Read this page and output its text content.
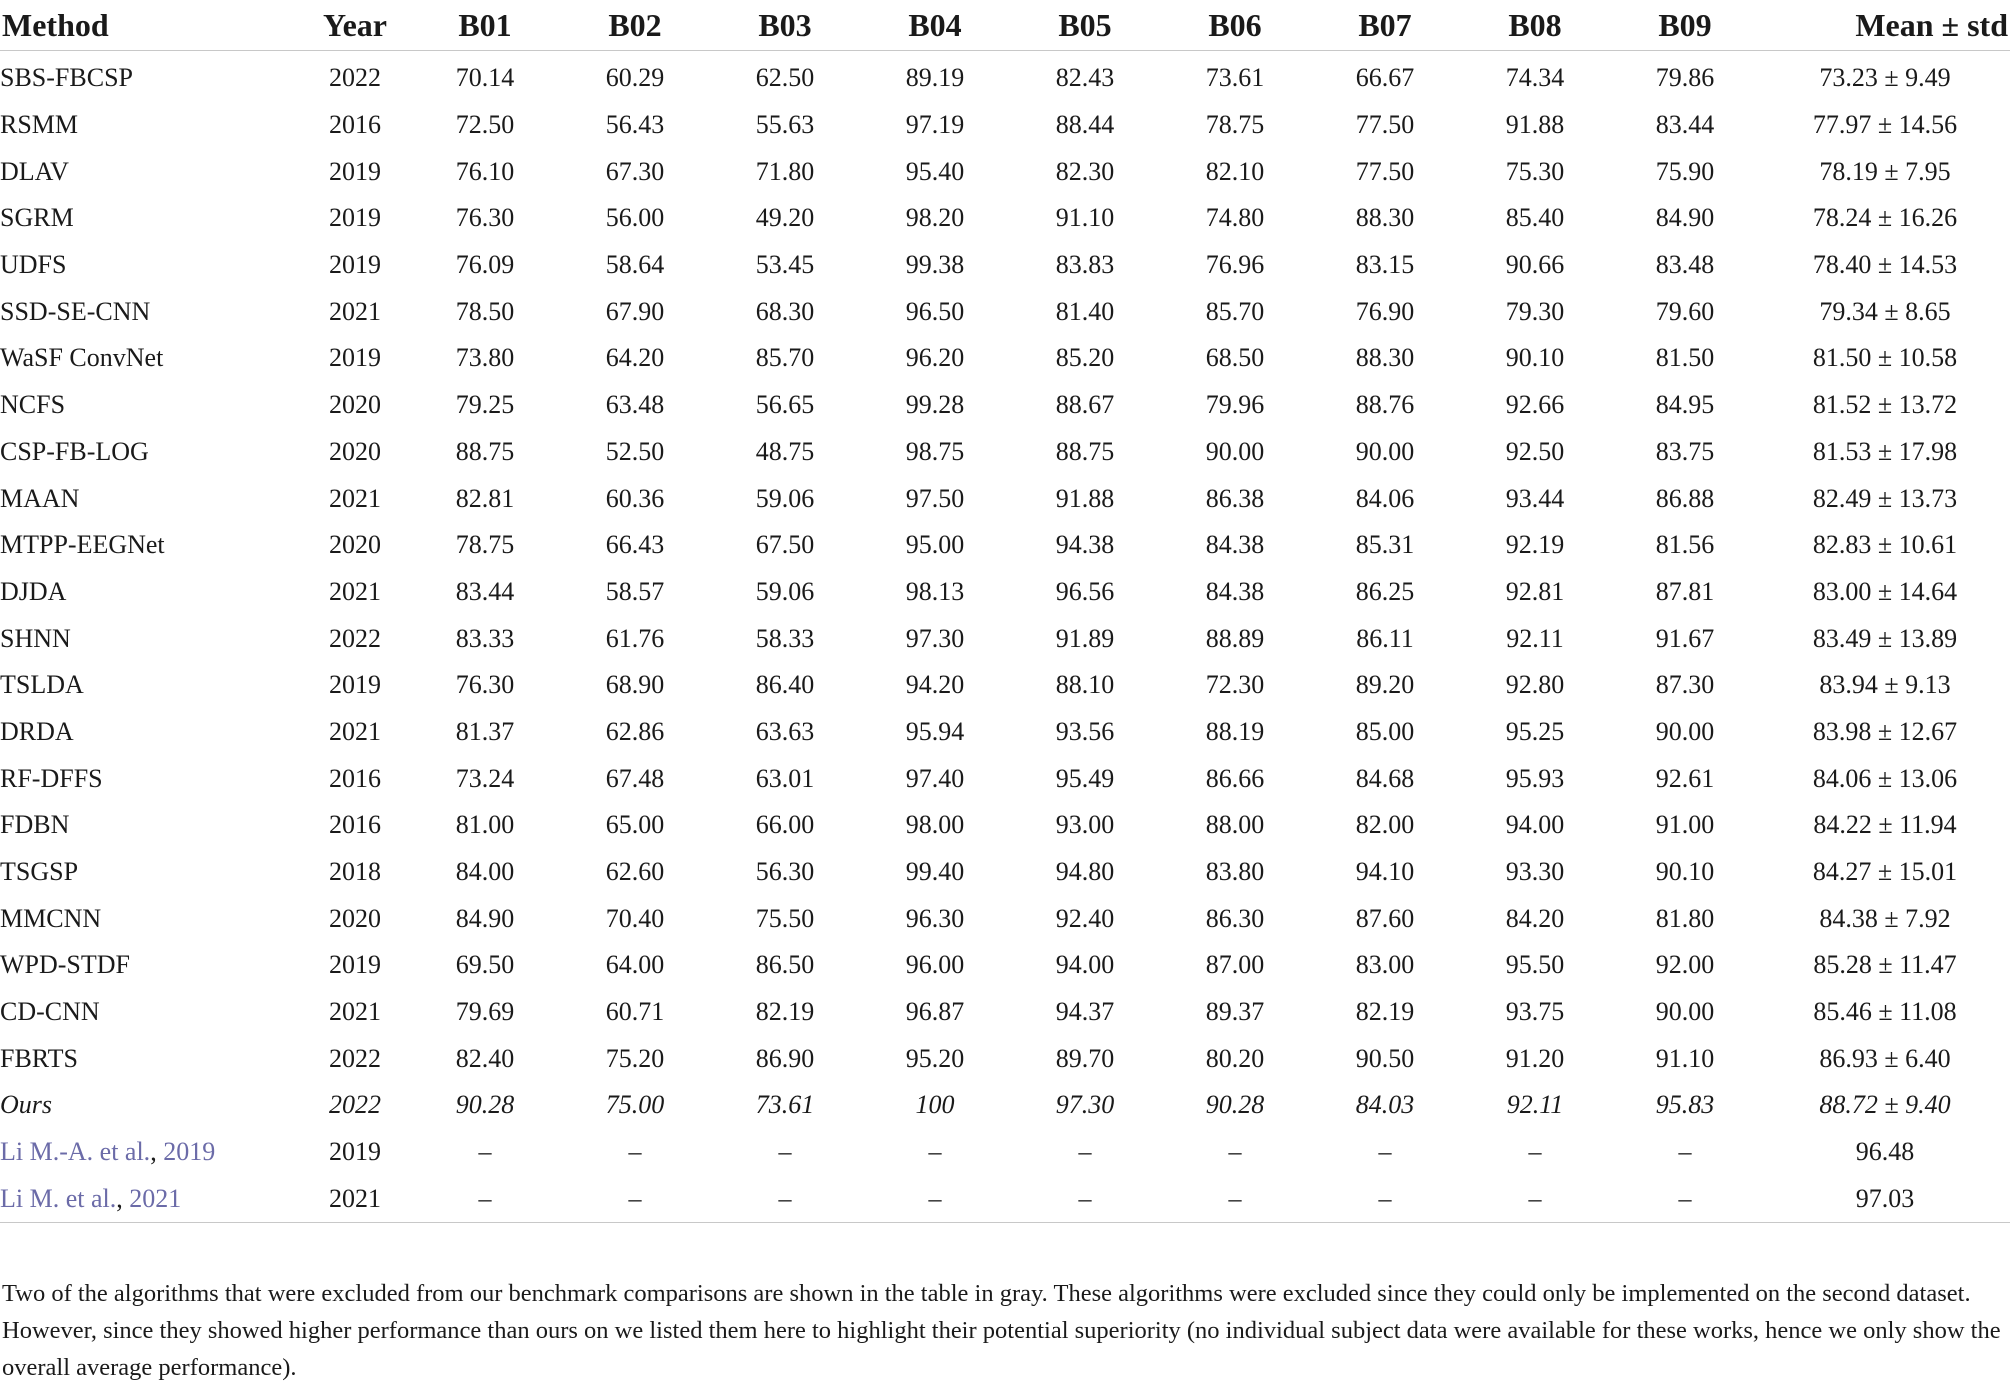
Method	Year	B01	B02	B03	B04	B05	B06	B07	B08	B09	Mean ± std

SBS-FBCSP	2022	70.14	60.29	62.50	89.19	82.43	73.61	66.67	74.34	79.86	73.23 ± 9.49
RSMM	2016	72.50	56.43	55.63	97.19	88.44	78.75	77.50	91.88	83.44	77.97 ± 14.56
DLAV	2019	76.10	67.30	71.80	95.40	82.30	82.10	77.50	75.30	75.90	78.19 ± 7.95
SGRM	2019	76.30	56.00	49.20	98.20	91.10	74.80	88.30	85.40	84.90	78.24 ± 16.26
UDFS	2019	76.09	58.64	53.45	99.38	83.83	76.96	83.15	90.66	83.48	78.40 ± 14.53
SSD-SE-CNN	2021	78.50	67.90	68.30	96.50	81.40	85.70	76.90	79.30	79.60	79.34 ± 8.65
WaSF ConvNet	2019	73.80	64.20	85.70	96.20	85.20	68.50	88.30	90.10	81.50	81.50 ± 10.58
NCFS	2020	79.25	63.48	56.65	99.28	88.67	79.96	88.76	92.66	84.95	81.52 ± 13.72
CSP-FB-LOG	2020	88.75	52.50	48.75	98.75	88.75	90.00	90.00	92.50	83.75	81.53 ± 17.98
MAAN	2021	82.81	60.36	59.06	97.50	91.88	86.38	84.06	93.44	86.88	82.49 ± 13.73
MTPP-EEGNet	2020	78.75	66.43	67.50	95.00	94.38	84.38	85.31	92.19	81.56	82.83 ± 10.61
DJDA	2021	83.44	58.57	59.06	98.13	96.56	84.38	86.25	92.81	87.81	83.00 ± 14.64
SHNN	2022	83.33	61.76	58.33	97.30	91.89	88.89	86.11	92.11	91.67	83.49 ± 13.89
TSLDA	2019	76.30	68.90	86.40	94.20	88.10	72.30	89.20	92.80	87.30	83.94 ± 9.13
DRDA	2021	81.37	62.86	63.63	95.94	93.56	88.19	85.00	95.25	90.00	83.98 ± 12.67
RF-DFFS	2016	73.24	67.48	63.01	97.40	95.49	86.66	84.68	95.93	92.61	84.06 ± 13.06
FDBN	2016	81.00	65.00	66.00	98.00	93.00	88.00	82.00	94.00	91.00	84.22 ± 11.94
TSGSP	2018	84.00	62.60	56.30	99.40	94.80	83.80	94.10	93.30	90.10	84.27 ± 15.01
MMCNN	2020	84.90	70.40	75.50	96.30	92.40	86.30	87.60	84.20	81.80	84.38 ± 7.92
WPD-STDF	2019	69.50	64.00	86.50	96.00	94.00	87.00	83.00	95.50	92.00	85.28 ± 11.47
CD-CNN	2021	79.69	60.71	82.19	96.87	94.37	89.37	82.19	93.75	90.00	85.46 ± 11.08
FBRTS	2022	82.40	75.20	86.90	95.20	89.70	80.20	90.50	91.20	91.10	86.93 ± 6.40
Ours	2022	90.28	75.00	73.61	100	97.30	90.28	84.03	92.11	95.83	88.72 ± 9.40
Li M.-A. et al., 2019	2019	–	–	–	–	–	–	–	–	–	96.48
Li M. et al., 2021	2021	–	–	–	–	–	–	–	–	–	97.03

Two of the algorithms that were excluded from our benchmark comparisons are shown in the table in gray. These algorithms were excluded since they could only be implemented on the second dataset. However, since they showed higher performance than ours on we listed them here to highlight their potential superiority (no individual subject data were available for these works, hence we only show the overall average performance).
